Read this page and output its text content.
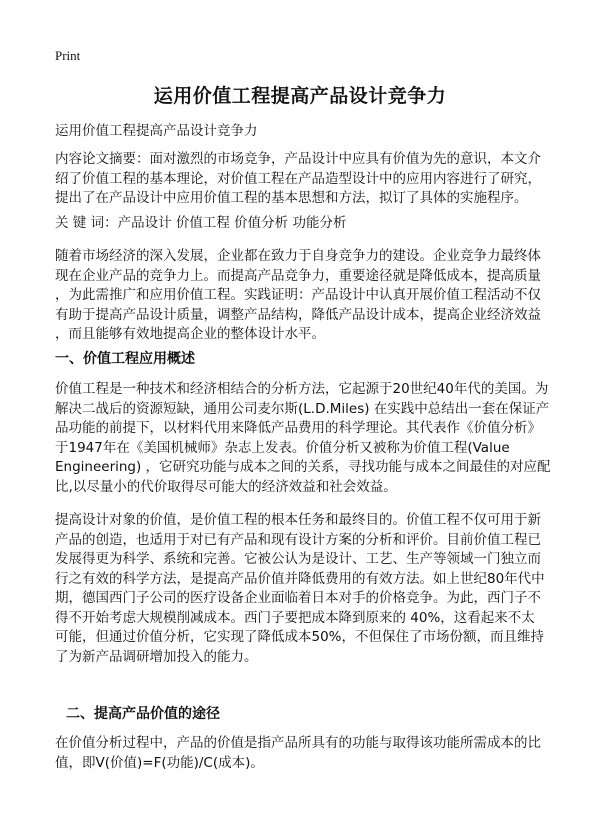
Print
运用价值工程提高产品设计竞争力
运用价值工程提高产品设计竞争力
内容论文摘要：面对激烈的市场竞争，产品设计中应具有价值为先的意识，本文介
绍了价值工程的基本理论，对价值工程在产品造型设计中的应用内容进行了研究，
提出了在产品设计中应用价值工程的基本思想和方法，拟订了具体的实施程序。
关 键 词：产品设计 价值工程 价值分析 功能分析
随着市场经济的深入发展，企业都在致力于自身竞争力的建设。企业竞争力最终体
现在企业产品的竞争力上。而提高产品竞争力，重要途径就是降低成本，提高质量
，为此需推广和应用价值工程。实践证明：产品设计中认真开展价值工程活动不仅
有助于提高产品设计质量，调整产品结构，降低产品设计成本，提高企业经济效益
，而且能够有效地提高企业的整体设计水平。
一、价值工程应用概述
价值工程是一种技术和经济相结合的分析方法，它起源于20世纪40年代的美国。为
解决二战后的资源短缺，通用公司麦尔斯(L.D.Miles) 在实践中总结出一套在保证产
品功能的前提下，以材料代用来降低产品费用的科学理论。其代表作《价值分析》
于1947年在《美国机械师》杂志上发表。价值分析又被称为价值工程(Value
Engineering) ，它研究功能与成本之间的关系，寻找功能与成本之间最佳的对应配
比,以尽量小的代价取得尽可能大的经济效益和社会效益。
提高设计对象的价值，是价值工程的根本任务和最终目的。价值工程不仅可用于新
产品的创造，也适用于对已有产品和现有设计方案的分析和评价。目前价值工程已
发展得更为科学、系统和完善。它被公认为是设计、工艺、生产等领域一门独立而
行之有效的科学方法，是提高产品价值并降低费用的有效方法。如上世纪80年代中
期，德国西门子公司的医疗设备企业面临着日本对手的价格竞争。为此，西门子不
得不开始考虑大规模削减成本。西门子要把成本降到原来的 40%，这看起来不太
可能，但通过价值分析，它实现了降低成本50%，不但保住了市场份额，而且维持
了为新产品调研增加投入的能力。
二、提高产品价值的途径
在价值分析过程中，产品的价值是指产品所具有的功能与取得该功能所需成本的比
值，即V(价值)=F(功能)/C(成本)。
